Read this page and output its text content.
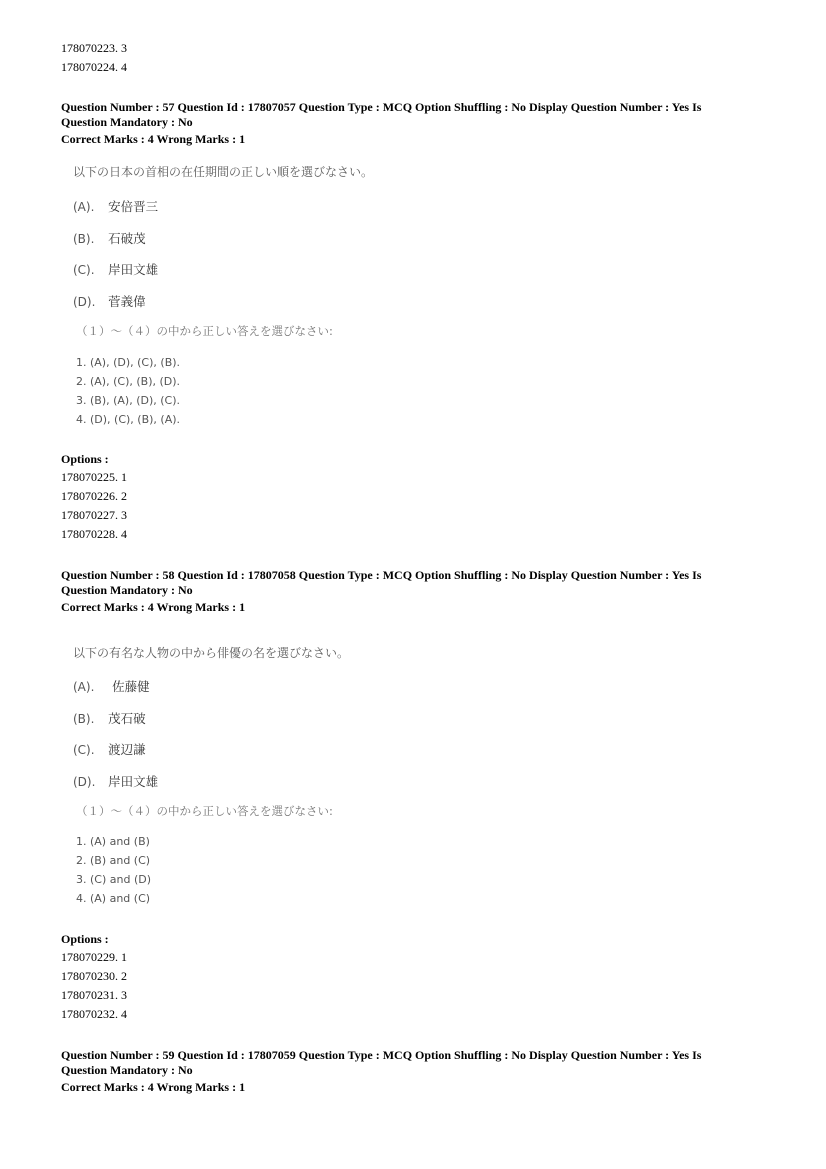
178070223. 3
178070224. 4
Question Number : 57 Question Id : 17807057 Question Type : MCQ Option Shuffling : No Display Question Number : Yes Is
Question Mandatory : No
Correct Marks : 4 Wrong Marks : 1
以下の日本の首相の在任期間の正しい順を選びなさい。
(A). 安倍晋三
(B). 石破茂
(C). 岸田文雄
(D). 菅義偉
（１）～（４）の中から正しい答えを選びなさい:
1. (A), (D), (C), (B).
2. (A), (C), (B), (D).
3. (B), (A), (D), (C).
4. (D), (C), (B), (A).
Options :
178070225. 1
178070226. 2
178070227. 3
178070228. 4
Question Number : 58 Question Id : 17807058 Question Type : MCQ Option Shuffling : No Display Question Number : Yes Is
Question Mandatory : No
Correct Marks : 4 Wrong Marks : 1
以下の有名な人物の中から俳優の名を選びなさい。
(A). 佐藤健
(B). 茂石破
(C). 渡辺謙
(D). 岸田文雄
（１）～（４）の中から正しい答えを選びなさい:
1. (A) and (B)
2. (B) and (C)
3. (C) and (D)
4. (A) and (C)
Options :
178070229. 1
178070230. 2
178070231. 3
178070232. 4
Question Number : 59 Question Id : 17807059 Question Type : MCQ Option Shuffling : No Display Question Number : Yes Is
Question Mandatory : No
Correct Marks : 4 Wrong Marks : 1
